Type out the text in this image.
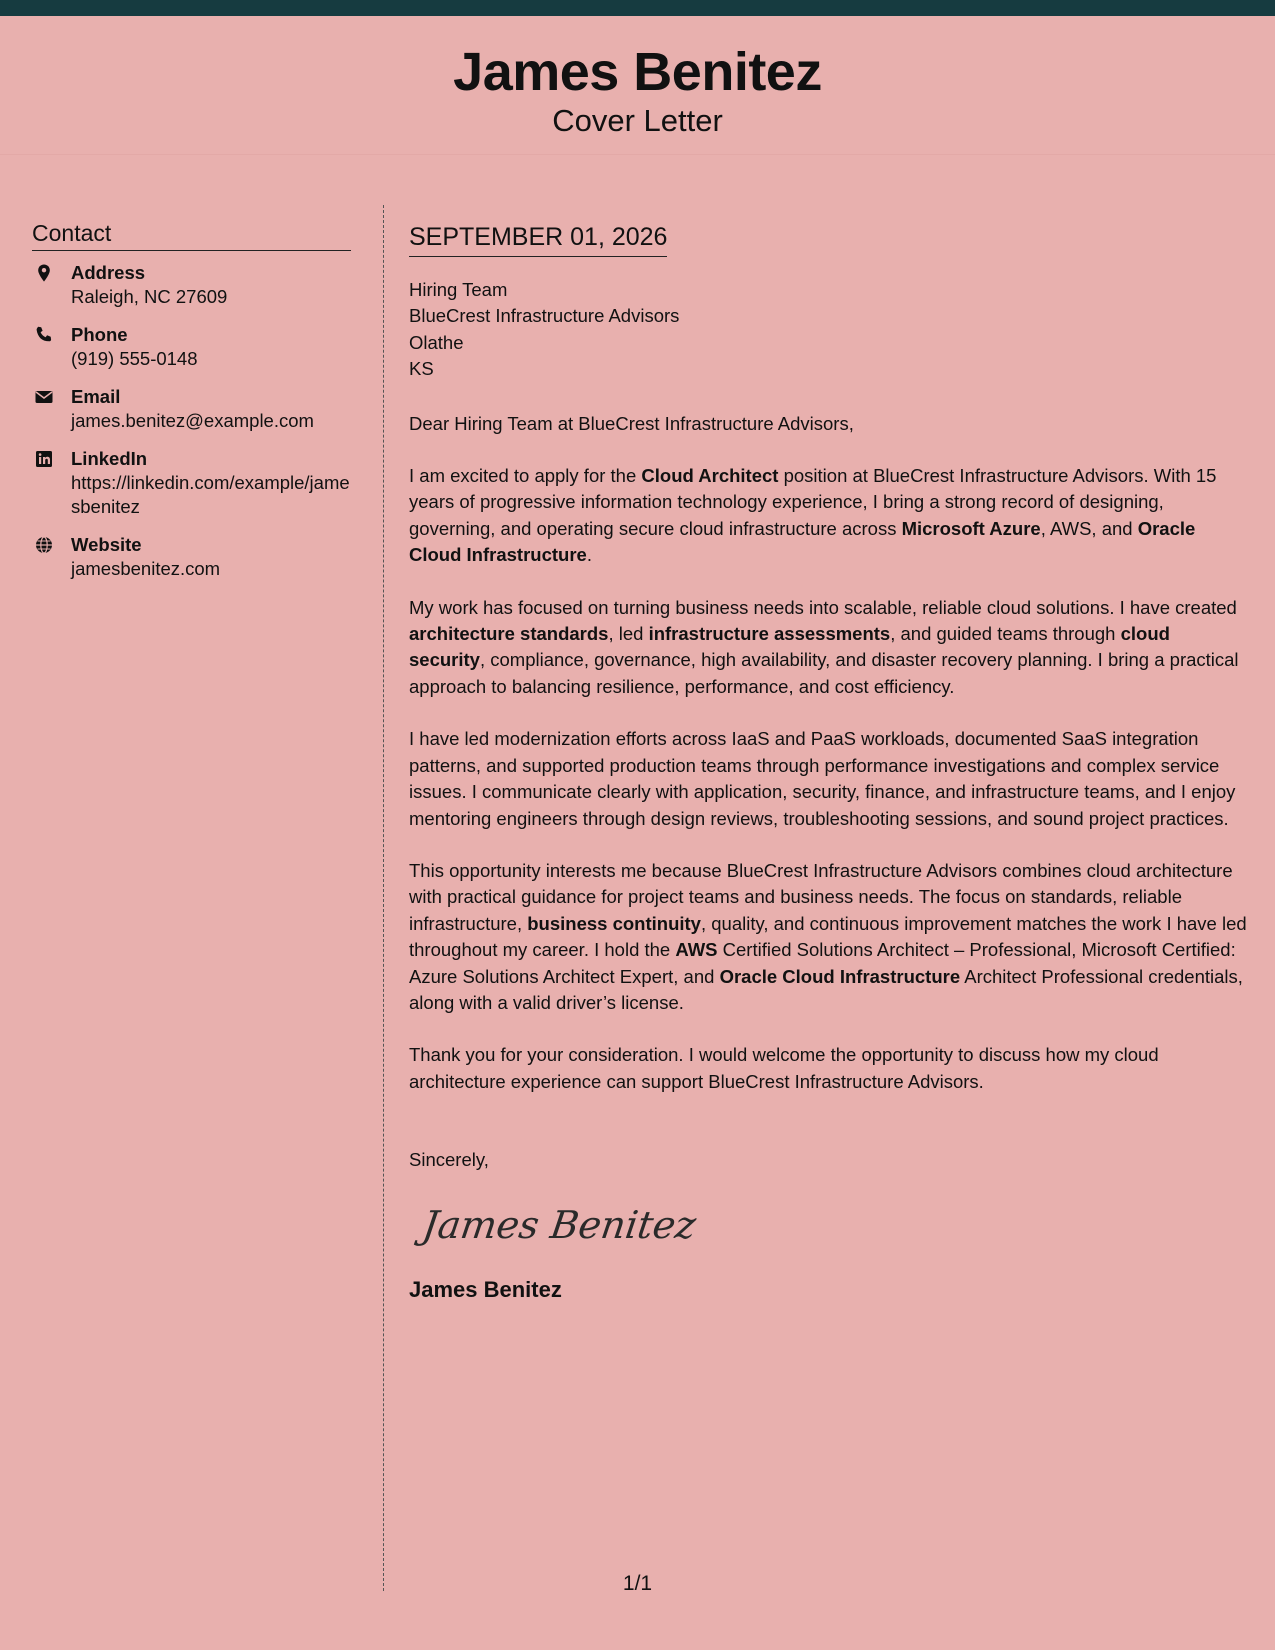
James Benitez
Cover Letter
Contact
Address
Raleigh, NC 27609
Phone
(919) 555-0148
Email
james.benitez@example.com
LinkedIn
https://linkedin.com/example/jamesbenitez
Website
jamesbenitez.com
SEPTEMBER 01, 2026
Hiring Team
BlueCrest Infrastructure Advisors
Olathe
KS
Dear Hiring Team at BlueCrest Infrastructure Advisors,
I am excited to apply for the Cloud Architect position at BlueCrest Infrastructure Advisors. With 15 years of progressive information technology experience, I bring a strong record of designing, governing, and operating secure cloud infrastructure across Microsoft Azure, AWS, and Oracle Cloud Infrastructure.
My work has focused on turning business needs into scalable, reliable cloud solutions. I have created architecture standards, led infrastructure assessments, and guided teams through cloud security, compliance, governance, high availability, and disaster recovery planning. I bring a practical approach to balancing resilience, performance, and cost efficiency.
I have led modernization efforts across IaaS and PaaS workloads, documented SaaS integration patterns, and supported production teams through performance investigations and complex service issues. I communicate clearly with application, security, finance, and infrastructure teams, and I enjoy mentoring engineers through design reviews, troubleshooting sessions, and sound project practices.
This opportunity interests me because BlueCrest Infrastructure Advisors combines cloud architecture with practical guidance for project teams and business needs. The focus on standards, reliable infrastructure, business continuity, quality, and continuous improvement matches the work I have led throughout my career. I hold the AWS Certified Solutions Architect – Professional, Microsoft Certified: Azure Solutions Architect Expert, and Oracle Cloud Infrastructure Architect Professional credentials, along with a valid driver’s license.
Thank you for your consideration. I would welcome the opportunity to discuss how my cloud architecture experience can support BlueCrest Infrastructure Advisors.
Sincerely,
James Benitez
James Benitez
1/1
